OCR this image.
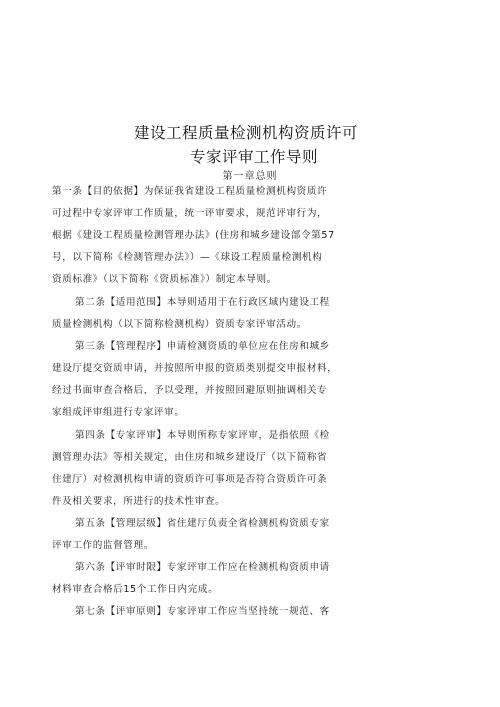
建设工程质量检测机构资质许可
专家评审工作导则
第一章总则
第一条【目的依据】为保证我省建设工程质量检测机构资质许
可过程中专家评审工作质量，统一评审要求，规范评审行为，
根据《建设工程质量检测管理办法》(住房和城乡建设部令第57
号，以下简称《检测管理办法》）—《球设工程质量检测机构
资质标准》（以下简称《资质标准》）制定本导则。
第二条【适用范围】本导则适用于在行政区域内建设工程
质量检测机构（以下简称检测机构）资质专家评审活动。
第三条【管理程序】申请检测资质的单位应在住房和城乡
建设厅提交资质申请，并按照所申报的资质类别提交申报材料，
经过书面审查合格后，予以受理，并按照回避原则抽调相关专
家组成评审组进行专家评审。
第四条【专家评审】本导则所称专家评审，是指依照《检
测管理办法》等相关规定，由住房和城乡建设厅（以下简称省
住建厅）对检测机构申请的资质许可事项是否符合资质许可条
件及相关要求，所进行的技术性审查。
第五条【管理层级】省住建厅负责全省检测机构资质专家
评审工作的监督管理。
第六条【评审时限】专家评审工作应在检测机构资质申请
材料审查合格后15个工作日内完成。
第七条【评审原则】专家评审工作应当坚持统一规范、客
